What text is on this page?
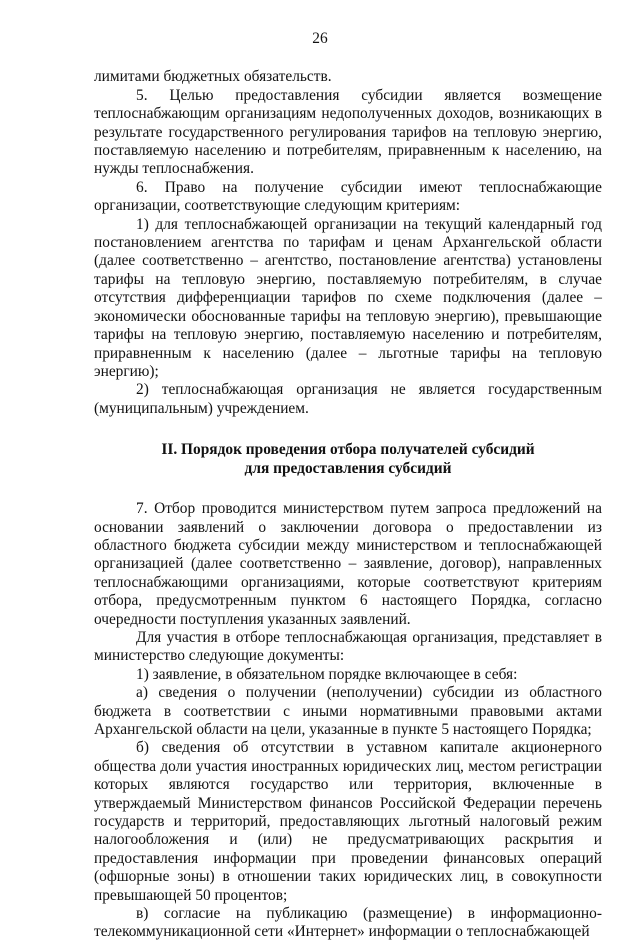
26

лимитами бюджетных обязательств.

5. Целью предоставления субсидии является возмещение теплоснабжающим организациям недополученных доходов, возникающих в результате государственного регулирования тарифов на тепловую энергию, поставляемую населению и потребителям, приравненным к населению, на нужды теплоснабжения.

6. Право на получение субсидии имеют теплоснабжающие организации, соответствующие следующим критериям:

1) для теплоснабжающей организации на текущий календарный год постановлением агентства по тарифам и ценам Архангельской области (далее соответственно – агентство, постановление агентства) установлены тарифы на тепловую энергию, поставляемую потребителям, в случае отсутствия дифференциации тарифов по схеме подключения (далее – экономически обоснованные тарифы на тепловую энергию), превышающие тарифы на тепловую энергию, поставляемую населению и потребителям, приравненным к населению (далее – льготные тарифы на тепловую энергию);

2) теплоснабжающая организация не является государственным (муниципальным) учреждением.

II. Порядок проведения отбора получателей субсидий
для предоставления субсидий

7. Отбор проводится министерством путем запроса предложений на основании заявлений о заключении договора о предоставлении из областного бюджета субсидии между министерством и теплоснабжающей организацией (далее соответственно – заявление, договор), направленных теплоснабжающими организациями, которые соответствуют критериям отбора, предусмотренным пунктом 6 настоящего Порядка, согласно очередности поступления указанных заявлений.

Для участия в отборе теплоснабжающая организация, представляет в министерство следующие документы:

1) заявление, в обязательном порядке включающее в себя:

а) сведения о получении (неполучении) субсидии из областного бюджета в соответствии с иными нормативными правовыми актами Архангельской области на цели, указанные в пункте 5 настоящего Порядка;

б) сведения об отсутствии в уставном капитале акционерного общества доли участия иностранных юридических лиц, местом регистрации которых являются государство или территория, включенные в утверждаемый Министерством финансов Российской Федерации перечень государств и территорий, предоставляющих льготный налоговый режим налогообложения и (или) не предусматривающих раскрытия и предоставления информации при проведении финансовых операций (офшорные зоны) в отношении таких юридических лиц, в совокупности превышающей 50 процентов;

в) согласие на публикацию (размещение) в информационно-телекоммуникационной сети «Интернет» информации о теплоснабжающей
